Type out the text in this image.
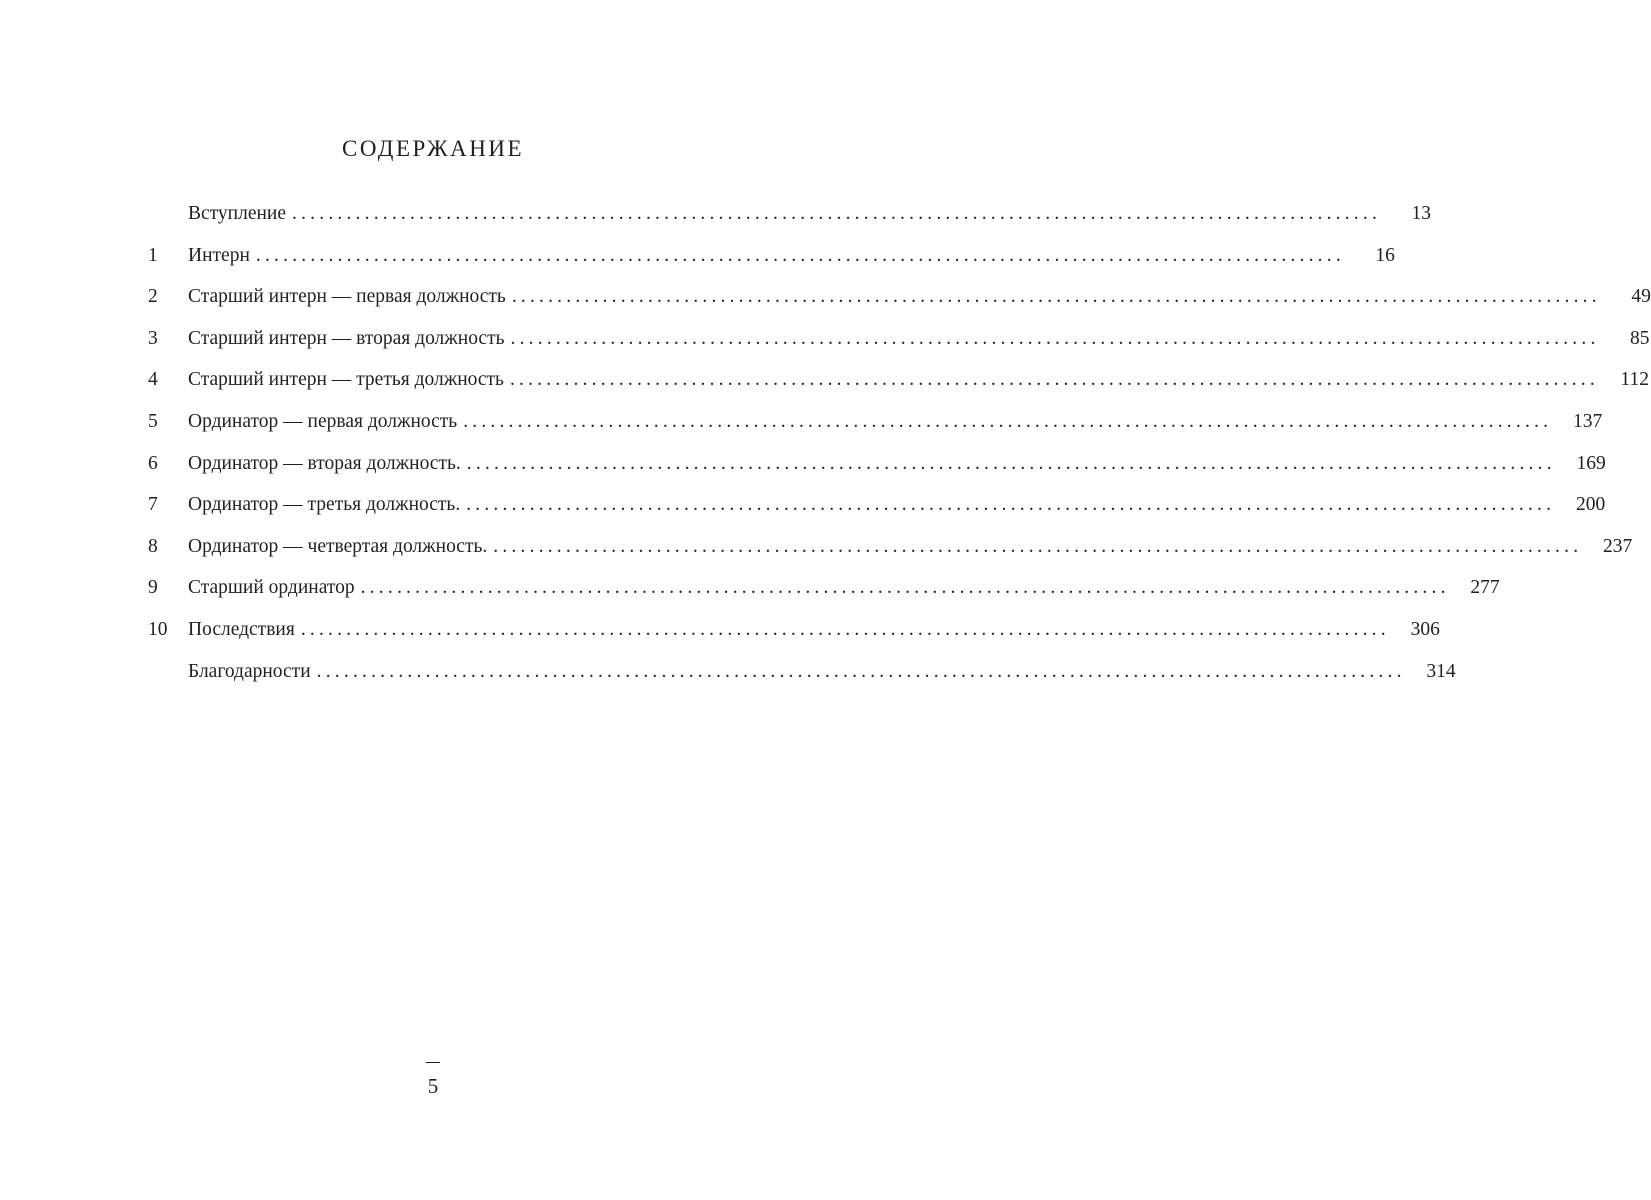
СОДЕРЖАНИЕ
Вступление ........................................................................................................................	13
1	Интерн ........................................................................................................................	16
2	Старший интерн — первая должность ........................................................................................................................	49
3	Старший интерн — вторая должность ........................................................................................................................	85
4	Старший интерн — третья должность ........................................................................................................................	112
5	Ординатор — первая должность ........................................................................................................................	137
6	Ординатор — вторая должность. ........................................................................................................................	169
7	Ординатор — третья должность. ........................................................................................................................	200
8	Ординатор — четвертая должность. ........................................................................................................................	237
9	Старший ординатор ........................................................................................................................	277
10	Последствия ........................................................................................................................	306
Благодарности ........................................................................................................................	314
5
